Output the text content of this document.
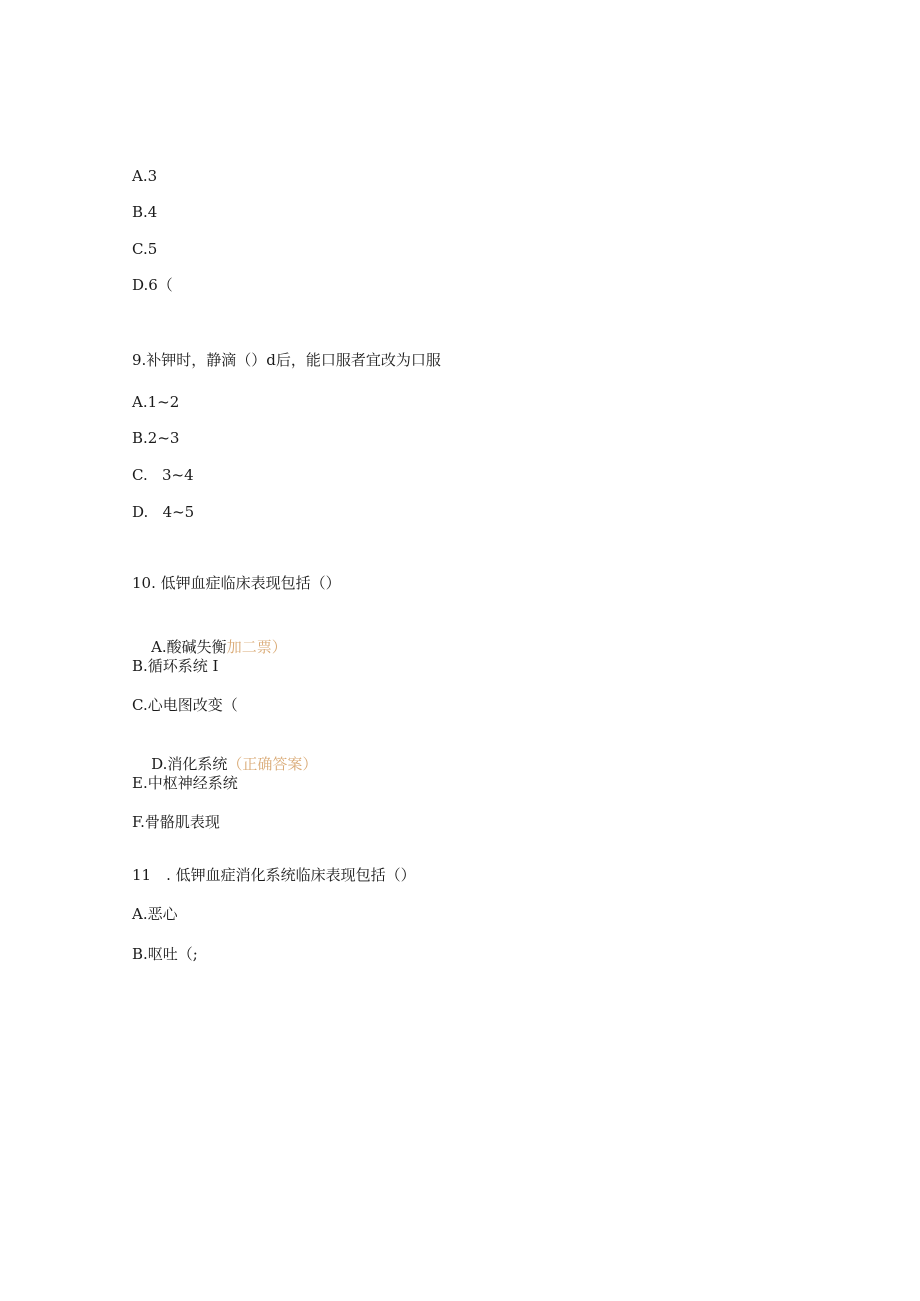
A.3
B.4
C.5
D.6（
9.补钾时，静滴（）d后，能口服者宜改为口服
A.1~2
B.2~3
C.   3~4
D.   4~5
10. 低钾血症临床表现包括（）

A.酸碱失衡加二票）

B.循环系统 I
C.心电图改变（

D.消化系统（正确答案）

E.中枢神经系统
F.骨骼肌表现
11　. 低钾血症消化系统临床表现包括（）
A.恶心
B.呕吐（;
